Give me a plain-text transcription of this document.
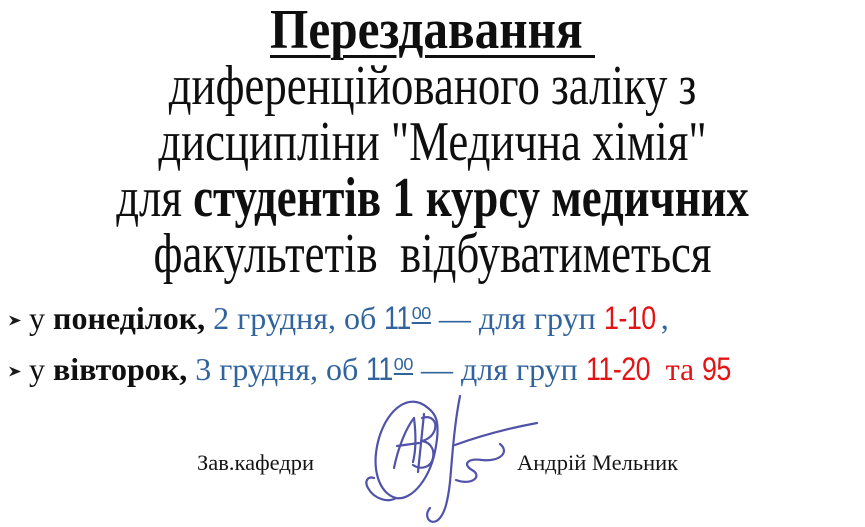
Перездавання
диференційованого заліку з
дисципліни "Медична хімія"
для студентів 1 курсу медичних
факультетів  відбуватиметься
у понеділок, 2 грудня, об $11^{00}$ — для груп 1-10 ,
у вівторок, 3 грудня, об $11^{00}$ — для груп 11-20 та 95
Зав.кафедри	Андрій Мельник
